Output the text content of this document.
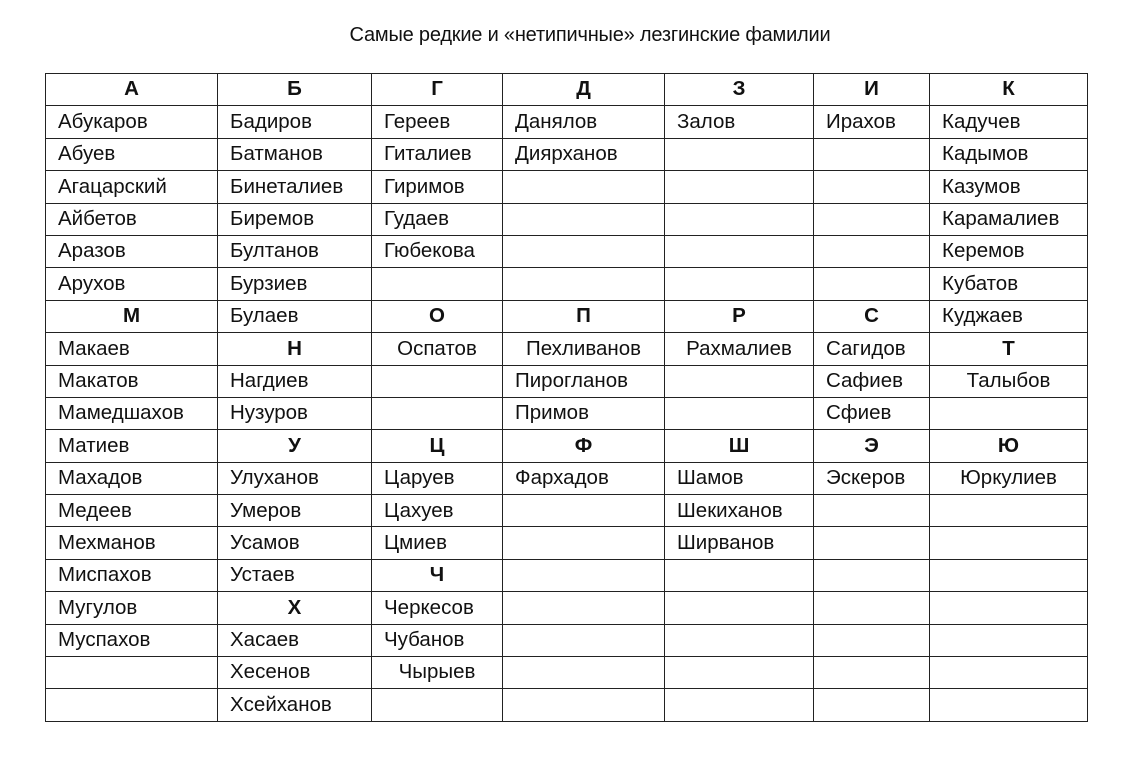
Самые редкие и «нетипичные» лезгинские фамилии
А	Б	Г	Д	З	И	К
Абукаров	Бадиров	Гереев	Данялов	Залов	Ирахов	Кадучев
Абуев	Батманов	Гиталиев	Диярханов			Кадымов
Агацарский	Бинеталиев	Гиримов				Казумов
Айбетов	Биремов	Гудаев				Карамалиев
Аразов	Бултанов	Гюбекова				Керемов
Арухов	Бурзиев					Кубатов
М	Булаев	О	П	Р	С	Куджаев
Макаев	Н	Оспатов	Пехливанов	Рахмалиев	Сагидов	Т
Макатов	Нагдиев		Пирогланов		Сафиев	Талыбов
Мамедшахов	Нузуров		Примов		Сфиев	
Матиев	У	Ц	Ф	Ш	Э	Ю
Махадов	Улуханов	Царуев	Фархадов	Шамов	Эскеров	Юркулиев
Медеев	Умеров	Цахуев		Шекиханов		
Мехманов	Усамов	Цмиев		Ширванов		
Миспахов	Устаев	Ч				
Мугулов	Х	Черкесов				
Муспахов	Хасаев	Чубанов				
	Хесенов	Чырыев				
	Хсейханов					
